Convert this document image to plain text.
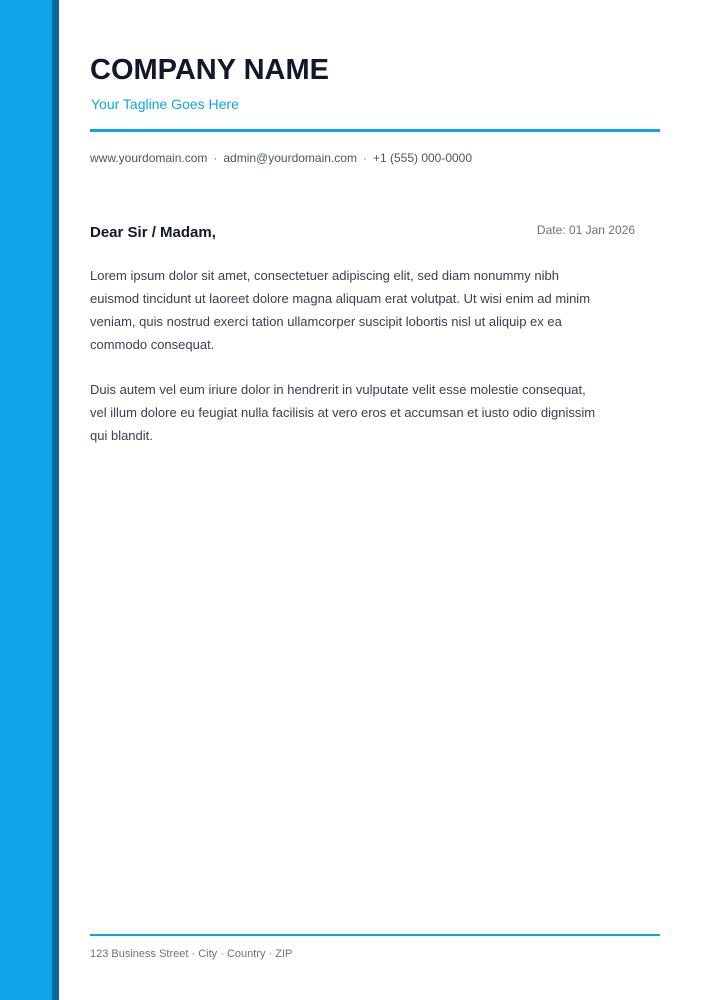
COMPANY NAME
Your Tagline Goes Here
www.yourdomain.com · admin@yourdomain.com · +1 (555) 000-0000
Dear Sir / Madam,	Date: 01 Jan 2026

Lorem ipsum dolor sit amet, consectetuer adipiscing elit, sed diam nonummy nibh euismod tincidunt ut laoreet dolore magna aliquam erat volutpat. Ut wisi enim ad minim veniam, quis nostrud exerci tation ullamcorper suscipit lobortis nisl ut aliquip ex ea commodo consequat.

Duis autem vel eum iriure dolor in hendrerit in vulputate velit esse molestie consequat, vel illum dolore eu feugiat nulla facilisis at vero eros et accumsan et iusto odio dignissim qui blandit.

123 Business Street · City · Country · ZIP
